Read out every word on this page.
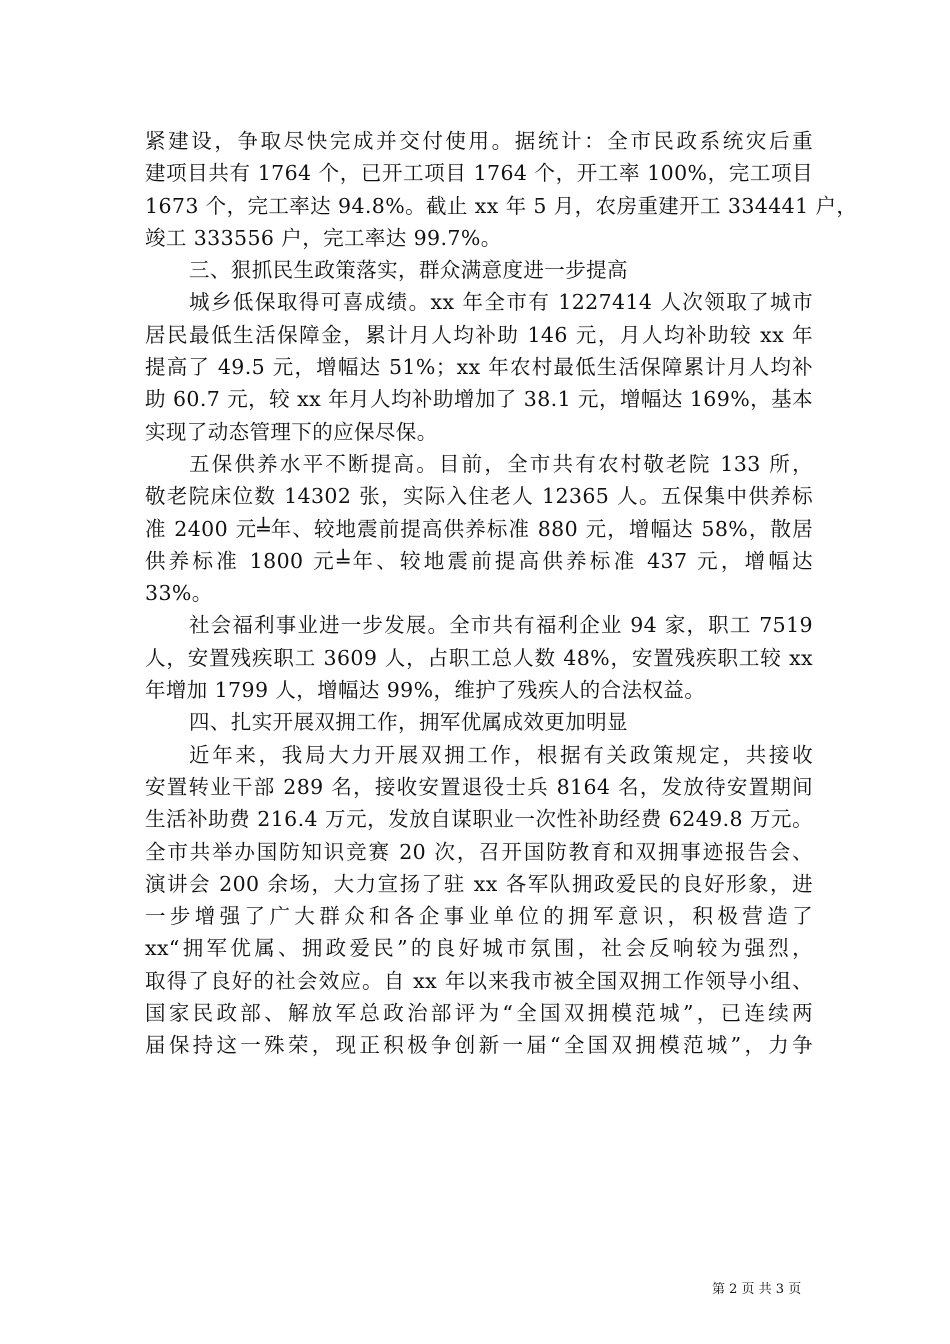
紧建设，争取尽快完成并交付使用。据统计：全市民政系统灾后重
建项目共有 1764 个，已开工项目 1764 个，开工率 100%，完工项目
1673 个，完工率达 94.8%。截止 xx 年 5 月，农房重建开工 334441 户，
竣工 333556 户，完工率达 99.7%。
三、狠抓民生政策落实，群众满意度进一步提高
城乡低保取得可喜成绩。xx 年全市有 1227414 人次领取了城市
居民最低生活保障金，累计月人均补助 146 元，月人均补助较 xx 年
提高了 49.5 元，增幅达 51%；xx 年农村最低生活保障累计月人均补
助 60.7 元，较 xx 年月人均补助增加了 38.1 元，增幅达 169%，基本
实现了动态管理下的应保尽保。
五保供养水平不断提高。目前，全市共有农村敬老院 133 所，
敬老院床位数 14302 张，实际入住老人 12365 人。五保集中供养标
准 2400 元╧年、较地震前提高供养标准 880 元，增幅达 58%，散居
供养标准 1800 元╧年、较地震前提高供养标准 437 元，增幅达
33%。
社会福利事业进一步发展。全市共有福利企业 94 家，职工 7519
人，安置残疾职工 3609 人，占职工总人数 48%，安置残疾职工较 xx
年增加 1799 人，增幅达 99%，维护了残疾人的合法权益。
四、扎实开展双拥工作，拥军优属成效更加明显
近年来，我局大力开展双拥工作，根据有关政策规定，共接收
安置转业干部 289 名，接收安置退役士兵 8164 名，发放待安置期间
生活补助费 216.4 万元，发放自谋职业一次性补助经费 6249.8 万元。
全市共举办国防知识竞赛 20 次，召开国防教育和双拥事迹报告会、
演讲会 200 余场，大力宣扬了驻 xx 各军队拥政爱民的良好形象，进
一步增强了广大群众和各企事业单位的拥军意识，积极营造了
xx“拥军优属、拥政爱民”的良好城市氛围，社会反响较为强烈，
取得了良好的社会效应。自 xx 年以来我市被全国双拥工作领导小组、
国家民政部、解放军总政治部评为“全国双拥模范城”，已连续两
届保持这一殊荣，现正积极争创新一届“全国双拥模范城”，力争
第 2 页 共 3 页
